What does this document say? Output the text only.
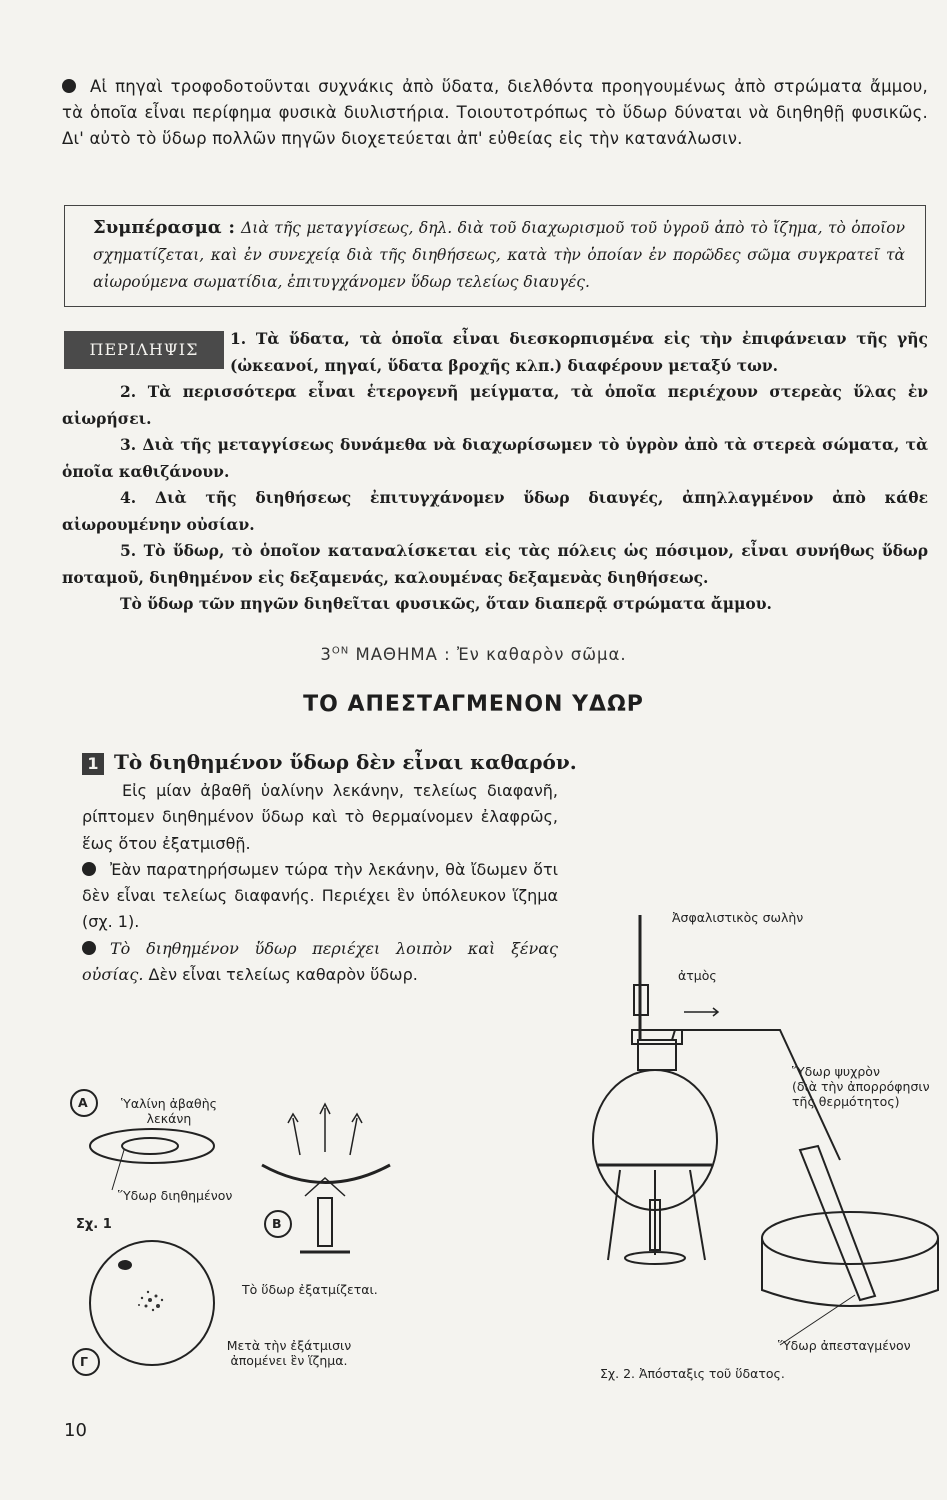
Αἱ πηγαὶ τροφοδοτοῦνται συχνάκις ἀπὸ ὕδατα, διελθόντα προηγουμένως ἀπὸ στρώματα ἄμμου, τὰ ὁποῖα εἶναι περίφημα φυσικὰ διυλιστήρια. Τοιουτοτρόπως τὸ ὕδωρ δύναται νὰ διηθηθῇ φυσικῶς. Δι' αὐτὸ τὸ ὕδωρ πολλῶν πηγῶν διοχετεύεται ἀπ' εὐθείας εἰς τὴν κατανάλωσιν.
Συμπέρασμα : Διὰ τῆς μεταγγίσεως, δηλ. διὰ τοῦ διαχωρισμοῦ τοῦ ὑγροῦ ἀπὸ τὸ ἵζημα, τὸ ὁποῖον σχηματίζεται, καὶ ἐν συνεχείᾳ διὰ τῆς διηθήσεως, κατὰ τὴν ὁποίαν ἐν πορῶδες σῶμα συγκρατεῖ τὰ αἰωρούμενα σωματίδια, ἐπιτυγχάνομεν ὕδωρ τελείως διαυγές.

1. Τὰ ὕδατα, τὰ ὁποῖα εἶναι διεσκορπισμένα εἰς τὴν ἐπιφάνειαν τῆς γῆς (ὠκεανοί, πηγαί, ὕδατα βροχῆς κλπ.) διαφέρουν μεταξύ των.

2. Τὰ περισσότερα εἶναι ἑτερογενῆ μείγματα, τὰ ὁποῖα περιέχουν στερεὰς ὕλας ἐν αἰωρήσει.

3. Διὰ τῆς μεταγγίσεως δυνάμεθα νὰ διαχωρίσωμεν τὸ ὑγρὸν ἀπὸ τὰ στερεὰ σώματα, τὰ ὁποῖα καθιζάνουν.

4. Διὰ τῆς διηθήσεως ἐπιτυγχάνομεν ὕδωρ διαυγές, ἀπηλλαγμένον ἀπὸ κάθε αἰωρουμένην οὐσίαν.

5. Τὸ ὕδωρ, τὸ ὁποῖον καταναλίσκεται εἰς τὰς πόλεις ὡς πόσιμον, εἶναι συνήθως ὕδωρ ποταμοῦ, διηθημένον εἰς δεξαμενάς, καλουμένας δεξαμενὰς διηθήσεως.

Τὸ ὕδωρ τῶν πηγῶν διηθεῖται φυσικῶς, ὅταν διαπερᾷ στρώματα ἄμμου.

ΠΕΡΙΛΗΨΙΣ
$3^{ON}$ ΜΑΘΗΜΑ : Ἐν καθαρὸν σῶμα.
ΤΟ ΑΠΕΣΤΑΓΜΕΝΟΝ ΥΔΩΡ
1 Τὸ διηθημένον ὕδωρ δὲν εἶναι καθαρόν.

Εἰς μίαν ἀβαθῆ ὑαλίνην λεκάνην, τελείως διαφανῆ, ρίπτομεν διηθημένον ὕδωρ καὶ τὸ θερμαίνομεν ἐλαφρῶς, ἕως ὅτου ἐξατμισθῇ.

Ἐὰν παρατηρήσωμεν τώρα τὴν λεκάνην, θὰ ἴδωμεν ὅτι δὲν εἶναι τελείως διαφανής. Περιέχει ἓν ὑπόλευκον ἵζημα (σχ. 1).

Τὸ διηθημένον ὕδωρ περιέχει λοιπὸν καὶ ξένας οὐσίας. Δὲν εἶναι τελείως καθαρὸν ὕδωρ.

Ὑαλίνη ἀβαθὴς λεκάνη
Ὕδωρ διηθημένον
Σχ. 1
Τὸ ὕδωρ ἐξατμίζεται.
Μετὰ τὴν ἐξάτμισιν ἀπομένει ἓν ἵζημα.
Α
Β
Γ
Ἀσφαλιστικὸς σωλὴν
ἀτμὸς
Ὕδωρ ψυχρὸν
(διὰ τὴν ἀπορρόφησιν τῆς θερμότητος)
Ὕδωρ ἀπεσταγμένον
Σχ. 2. Ἀπόσταξις τοῦ ὕδατος.
10
